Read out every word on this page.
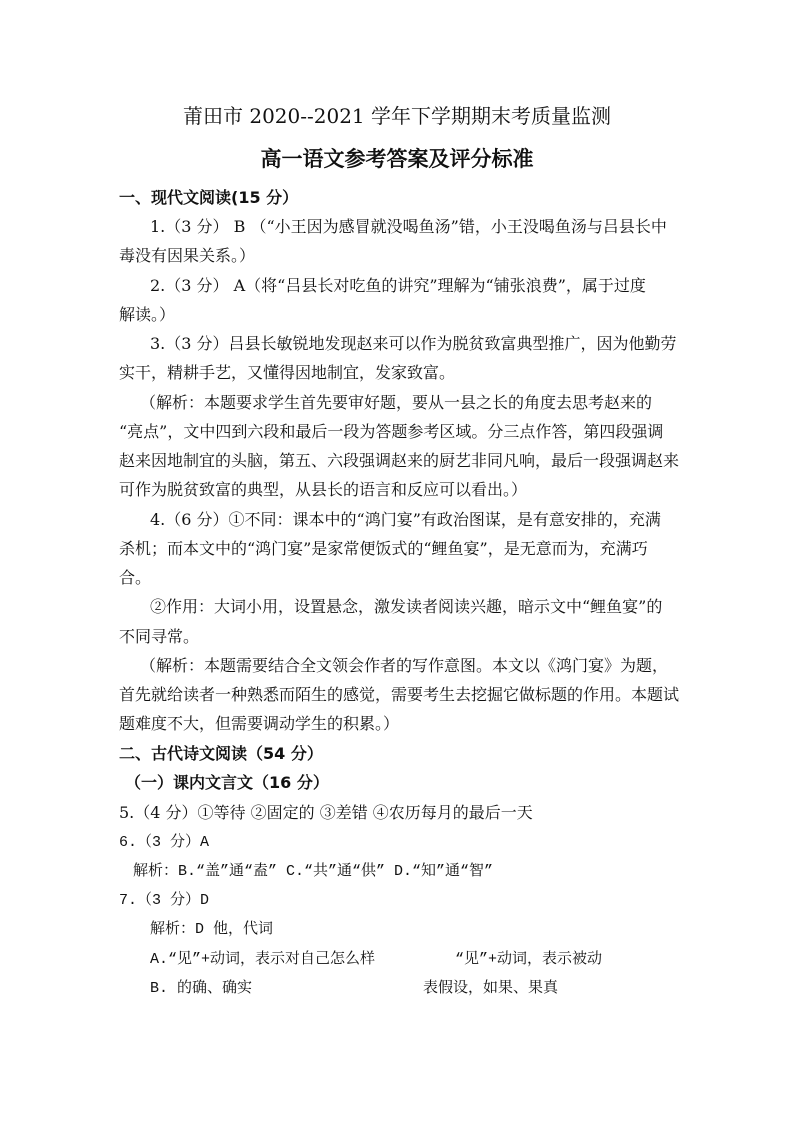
莆田市 2020--2021 学年下学期期末考质量监测
高一语文参考答案及评分标准
一、现代文阅读(15 分）
1.（3 分） B （“小王因为感冒就没喝鱼汤”错，小王没喝鱼汤与吕县长中
毒没有因果关系。）
2.（3 分） A（将“吕县长对吃鱼的讲究”理解为“铺张浪费”，属于过度
解读。）
3.（3 分）吕县长敏锐地发现赵来可以作为脱贫致富典型推广，因为他勤劳
实干，精耕手艺，又懂得因地制宜，发家致富。
（解析：本题要求学生首先要审好题，要从一县之长的角度去思考赵来的
“亮点”，文中四到六段和最后一段为答题参考区域。分三点作答，第四段强调
赵来因地制宜的头脑，第五、六段强调赵来的厨艺非同凡响，最后一段强调赵来
可作为脱贫致富的典型，从县长的语言和反应可以看出。）
4.（6 分）①不同：课本中的“鸿门宴”有政治图谋，是有意安排的，充满
杀机；而本文中的“鸿门宴”是家常便饭式的“鲤鱼宴”，是无意而为，充满巧
合。
②作用：大词小用，设置悬念，激发读者阅读兴趣，暗示文中“鲤鱼宴”的
不同寻常。
（解析：本题需要结合全文领会作者的写作意图。本文以《鸿门宴》为题，
首先就给读者一种熟悉而陌生的感觉，需要考生去挖掘它做标题的作用。本题试
题难度不大，但需要调动学生的积累。）
二、古代诗文阅读（54 分）
（一）课内文言文（16 分）
5.（4 分）①等待 ②固定的 ③差错 ④农历每月的最后一天
6.（3 分）A
解析：B.“盖”通“盍” C.“共”通“供” D.“知”通“智”
7.（3 分）D
解析：D 他，代词
A.“见”+动词，表示对自己怎么样	“见”+动词，表示被动
B. 的确、确实	表假设，如果、果真
